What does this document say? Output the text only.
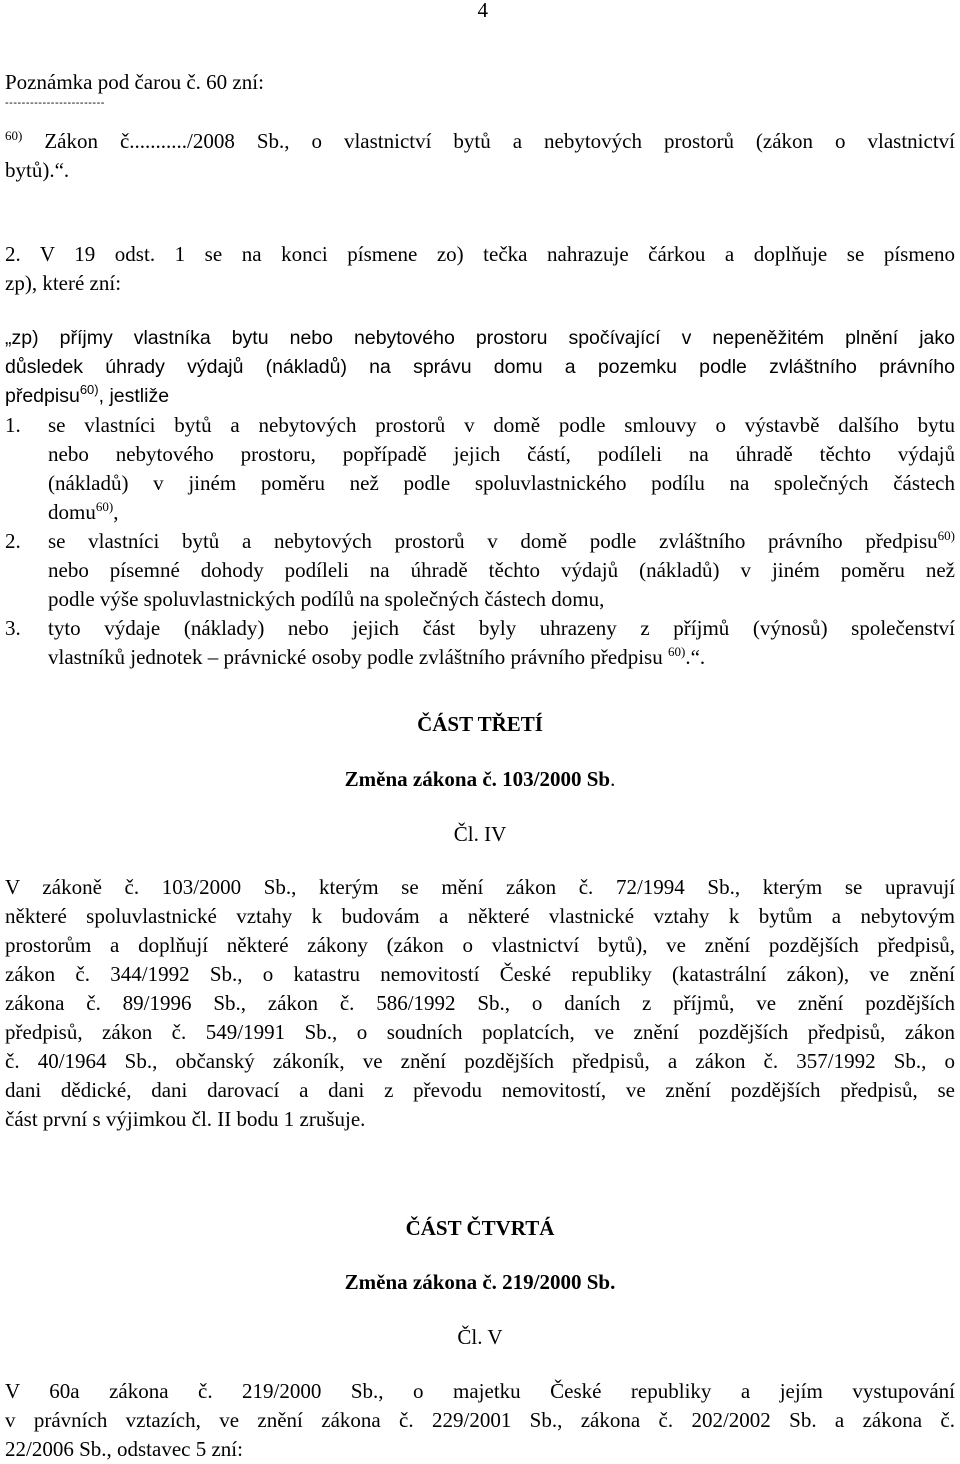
4
Poznámka pod čarou č. 60 zní:
------------------------
$^{60)}$ Zákon č.........../2008 Sb., o vlastnictví bytů a nebytových prostorů (zákon o vlastnictví
bytů).“.
2. V 19 odst. 1 se na konci písmene zo) tečka nahrazuje čárkou a doplňuje se písmeno
zp), které zní:
„zp) příjmy vlastníka bytu nebo nebytového prostoru spočívající v nepeněžitém plnění jako
důsledek úhrady výdajů (nákladů) na správu domu a pozemku podle zvláštního právního
předpisu$^{60)}$, jestliže
1. se vlastníci bytů a nebytových prostorů v domě podle smlouvy o výstavbě dalšího bytu
nebo nebytového prostoru, popřípadě jejich částí, podíleli na úhradě těchto výdajů
(nákladů) v jiném poměru než podle spoluvlastnického podílu na společných částech
domu$^{60)}$,
2. se vlastníci bytů a nebytových prostorů v domě podle zvláštního právního předpisu$^{60)}$
nebo písemné dohody podíleli na úhradě těchto výdajů (nákladů) v jiném poměru než
podle výše spoluvlastnických podílů na společných částech domu,
3. tyto výdaje (náklady) nebo jejich část byly uhrazeny z příjmů (výnosů) společenství
vlastníků jednotek – právnické osoby podle zvláštního právního předpisu $^{60)}$.“.
ČÁST TŘETÍ
Změna zákona č. 103/2000 Sb.
Čl. IV
V zákoně č. 103/2000 Sb., kterým se mění zákon č. 72/1994 Sb., kterým se upravují
některé spoluvlastnické vztahy k budovám a některé vlastnické vztahy k bytům a nebytovým
prostorům a doplňují některé zákony (zákon o vlastnictví bytů), ve znění pozdějších předpisů,
zákon č. 344/1992 Sb., o katastru nemovitostí České republiky (katastrální zákon), ve znění
zákona č. 89/1996 Sb., zákon č. 586/1992 Sb., o daních z příjmů, ve znění pozdějších
předpisů, zákon č. 549/1991 Sb., o soudních poplatcích, ve znění pozdějších předpisů, zákon
č. 40/1964 Sb., občanský zákoník, ve znění pozdějších předpisů, a zákon č. 357/1992 Sb., o
dani dědické, dani darovací a dani z převodu nemovitostí, ve znění pozdějších předpisů, se
část první s výjimkou čl. II bodu 1 zrušuje.
ČÁST ČTVRTÁ
Změna zákona č. 219/2000 Sb.
Čl. V
V 60a zákona č. 219/2000 Sb., o majetku České republiky a jejím vystupování
v právních vztazích, ve znění zákona č. 229/2001 Sb., zákona č. 202/2002 Sb. a zákona č.
22/2006 Sb., odstavec 5 zní:
